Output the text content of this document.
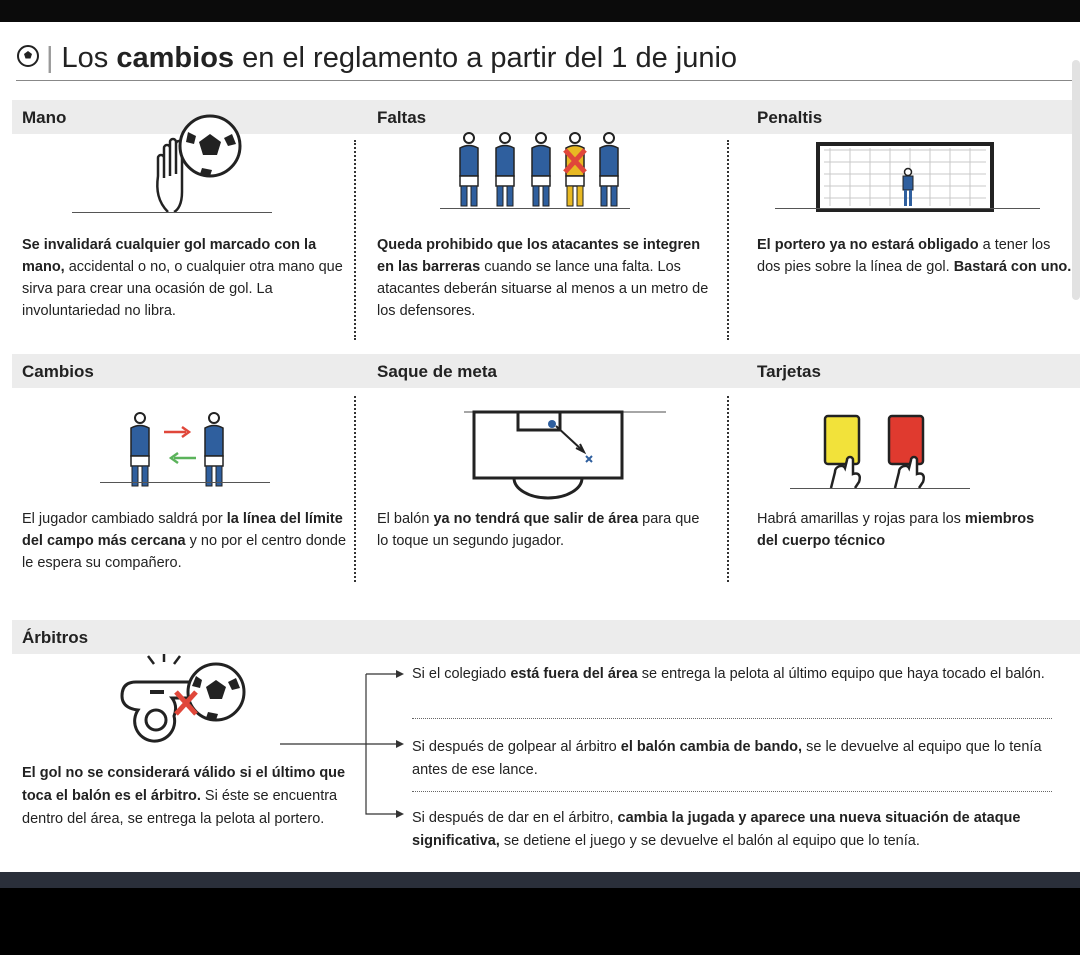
| Los cambios en el reglamento a partir del 1 de junio
Mano	Faltas	Penaltis
Se invalidará cualquier gol marcado con la mano, accidental o no, o cualquier otra mano que sirva para crear una ocasión de gol. La involuntariedad no libra.
Queda prohibido que los atacantes se integren en las barreras cuando se lance una falta. Los atacantes deberán situarse al menos a un metro de los defensores.
El portero ya no estará obligado a tener los dos pies sobre la línea de gol. Bastará con uno.
Cambios	Saque de meta	Tarjetas
El jugador cambiado saldrá por la línea del límite del campo más cercana y no por el centro donde le espera su compañero.
El balón ya no tendrá que salir de área para que lo toque un segundo jugador.
Habrá amarillas y rojas para los miembros del cuerpo técnico
Árbitros
El gol no se considerará válido si el último que toca el balón es el árbitro. Si éste se encuentra dentro del área, se entrega la pelota al portero.
Si el colegiado está fuera del área se entrega la pelota al último equipo que haya tocado el balón.
Si después de golpear al árbitro el balón cambia de bando, se le devuelve al equipo que lo tenía antes de ese lance.
Si después de dar en el árbitro, cambia la jugada y aparece una nueva situación de ataque significativa, se detiene el juego y se devuelve el balón al equipo que lo tenía.
